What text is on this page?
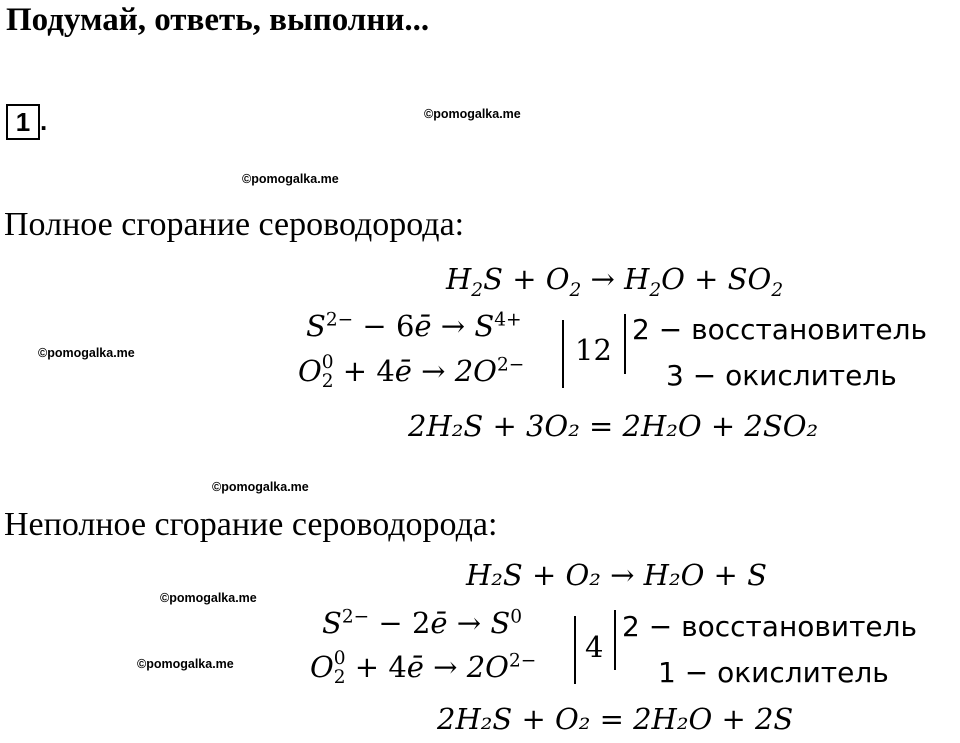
Подумай, ответь, выполни...
1 .	©pomogalka.me
©pomogalka.me
©pomogalka.me
©pomogalka.me
©pomogalka.me
©pomogalka.me
Полное сгорание сероводорода:
$H_2S + O_2 \to H_2O + SO_2$
$S^{2-}$ − 6ē → $S^{4+}$
O 0
2 + 4ē → $2O^{2-}$ 12
2 − восстановитель
3 − окислитель
2H₂S + 3O₂ = 2H₂O + 2SO₂
Неполное сгорание сероводорода:
H₂S + O₂ → H₂O + S
$S^{2-}$ − 2ē → $S^0$
O 0
2 + 4ē → $2O^{2-}$ 4
2 − восстановитель
1 − окислитель
2H₂S + O₂ = 2H₂O + 2S
